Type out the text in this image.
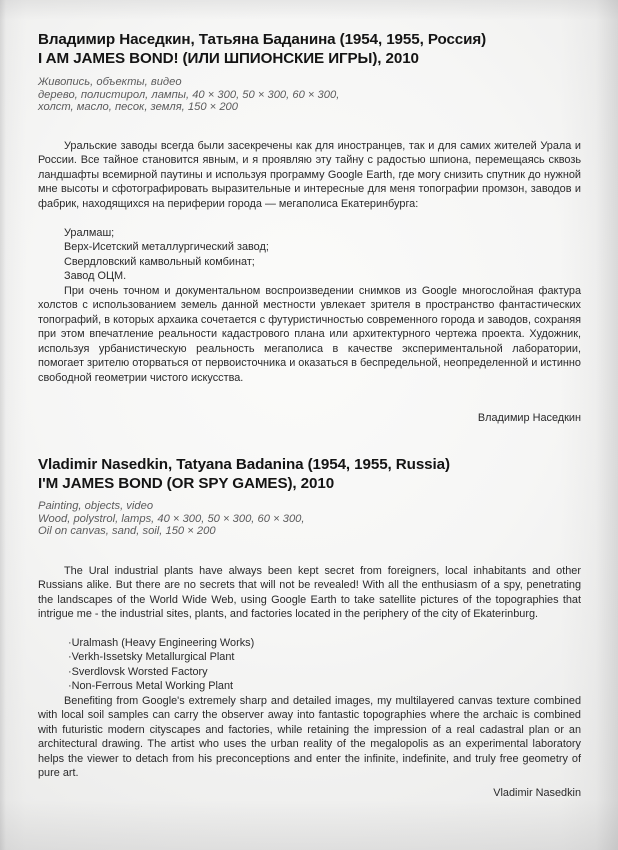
Владимир Наседкин, Татьяна Баданина (1954, 1955, Россия)
I AM JAMES BOND! (ИЛИ ШПИОНСКИЕ ИГРЫ), 2010
Живопись, объекты, видео
дерево, полистирол, лампы, 40 × 300, 50 × 300, 60 × 300,
холст, масло, песок, земля, 150 × 200

Уральские заводы всегда были засекречены как для иностранцев, так и для самих жителей Урала и России. Все тайное становится явным, и я проявляю эту тайну с радостью шпиона, перемещаясь сквозь ландшафты всемирной паутины и используя программу Google Earth, где могу снизить спутник до нужной мне высоты и сфотографировать выразительные и интересные для меня топографии промзон, заводов и фабрик, находящихся на периферии города — мегаполиса Екатеринбурга:

Уралмаш;
Верх-Исетский металлургический завод;
Свердловский камвольный комбинат;
Завод ОЦМ.

При очень точном и документальном воспроизведении снимков из Google многослойная фактура холстов с использованием земель данной местности увлекает зрителя в пространство фантастических топографий, в которых архаика сочетается с футуристичностью современного города и заводов, сохраняя при этом впечатление реальности кадастрового плана или архитектурного чертежа проекта. Художник, используя урбанистическую реальность мегаполиса в качестве экспериментальной лаборатории, помогает зрителю оторваться от первоисточника и оказаться в беспредельной, неопределенной и истинно свободной геометрии чистого искусства.

Владимир Наседкин
Vladimir Nasedkin, Tatyana Badanina (1954, 1955, Russia)
I'M JAMES BOND (OR SPY GAMES), 2010
Painting, objects, video
Wood, polystrol, lamps, 40 × 300, 50 × 300, 60 × 300,
Oil on canvas, sand, soil, 150 × 200

The Ural industrial plants have always been kept secret from foreigners, local inhabitants and other Russians alike. But there are no secrets that will not be revealed! With all the enthusiasm of a spy, penetrating the landscapes of the World Wide Web, using Google Earth to take satellite pictures of the topographies that intrigue me - the industrial sites, plants, and factories located in the periphery of the city of Ekaterinburg.

·Uralmash (Heavy Engineering Works)
·Verkh-Issetsky Metallurgical Plant
·Sverdlovsk Worsted Factory
·Non-Ferrous Metal Working Plant

Benefiting from Google's extremely sharp and detailed images, my multilayered canvas texture combined with local soil samples can carry the observer away into fantastic topographies where the archaic is combined with futuristic modern cityscapes and factories, while retaining the impression of a real cadastral plan or an architectural drawing. The artist who uses the urban reality of the megalopolis as an experimental laboratory helps the viewer to detach from his preconceptions and enter the infinite, indefinite, and truly free geometry of pure art.

Vladimir Nasedkin
